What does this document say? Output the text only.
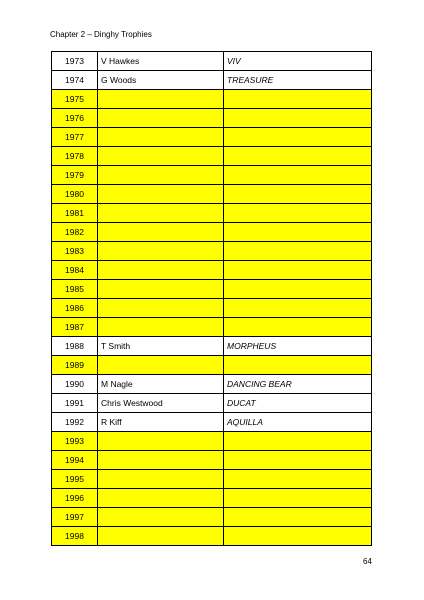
Chapter 2 – Dinghy Trophies
1973	V Hawkes	VIV
1974	G Woods	TREASURE
1975		
1976		
1977		
1978		
1979		
1980		
1981		
1982		
1983		
1984		
1985		
1986		
1987		
1988	T Smith	MORPHEUS
1989		
1990	M Nagle	DANCING BEAR
1991	Chris Westwood	DUCAT
1992	R Kiff	AQUILLA
1993		
1994		
1995		
1996		
1997		
1998		
64
